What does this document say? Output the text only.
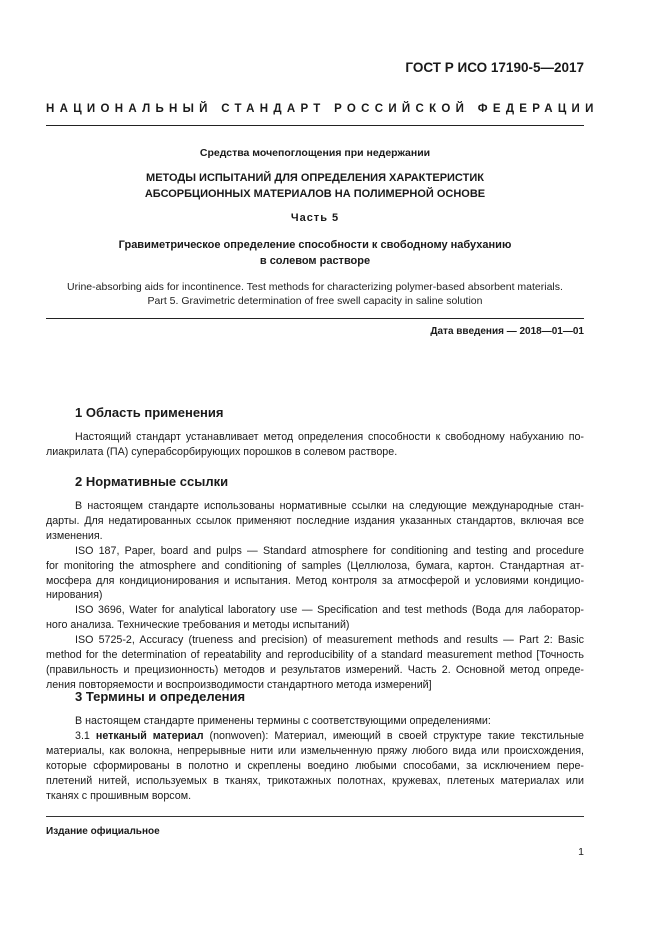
ГОСТ Р ИСО 17190-5—2017
НАЦИОНАЛЬНЫЙ СТАНДАРТ РОССИЙСКОЙ ФЕДЕРАЦИИ
Средства мочепоглощения при недержании
МЕТОДЫ ИСПЫТАНИЙ ДЛЯ ОПРЕДЕЛЕНИЯ ХАРАКТЕРИСТИК
АБСОРБЦИОННЫХ МАТЕРИАЛОВ НА ПОЛИМЕРНОЙ ОСНОВЕ
Часть 5
Гравиметрическое определение способности к свободному набуханию
в солевом растворе
Urine-absorbing aids for incontinence. Test methods for characterizing polymer-based absorbent materials.
Part 5. Gravimetric determination of free swell capacity in saline solution
Дата введения — 2018—01—01
1 Область применения
Настоящий стандарт устанавливает метод определения способности к свободному набуханию по-
лиакрилата (ПА) суперабсорбирующих порошков в солевом растворе.
2 Нормативные ссылки
В настоящем стандарте использованы нормативные ссылки на следующие международные стан-
дарты. Для недатированных ссылок применяют последние издания указанных стандартов, включая все
изменения.
ISO 187, Paper, board and pulps — Standard atmosphere for conditioning and testing and procedure
for monitoring the atmosphere and conditioning of samples (Целлюлоза, бумага, картон. Стандартная ат-
мосфера для кондиционирования и испытания. Метод контроля за атмосферой и условиями кондицио-
нирования)
ISO 3696, Water for analytical laboratory use — Specification and test methods (Вода для лаборатор-
ного анализа. Технические требования и методы испытаний)
ISO 5725-2, Accuracy (trueness and precision) of measurement methods and results — Part 2: Basic
method for the determination of repeatability and reproducibility of a standard measurement method [Точность
(правильность и прецизионность) методов и результатов измерений. Часть 2. Основной метод опреде-
ления повторяемости и воспроизводимости стандартного метода измерений]
3 Термины и определения
В настоящем стандарте применены термины с соответствующими определениями:
3.1 нетканый материал (nonwoven): Материал, имеющий в своей структуре такие текстильные
материалы, как волокна, непрерывные нити или измельченную пряжу любого вида или происхождения,
которые сформированы в полотно и скреплены воедино любыми способами, за исключением пере-
плетений нитей, используемых в тканях, трикотажных полотнах, кружевах, плетеных материалах или
тканях с прошивным ворсом.
Издание официальное
1
